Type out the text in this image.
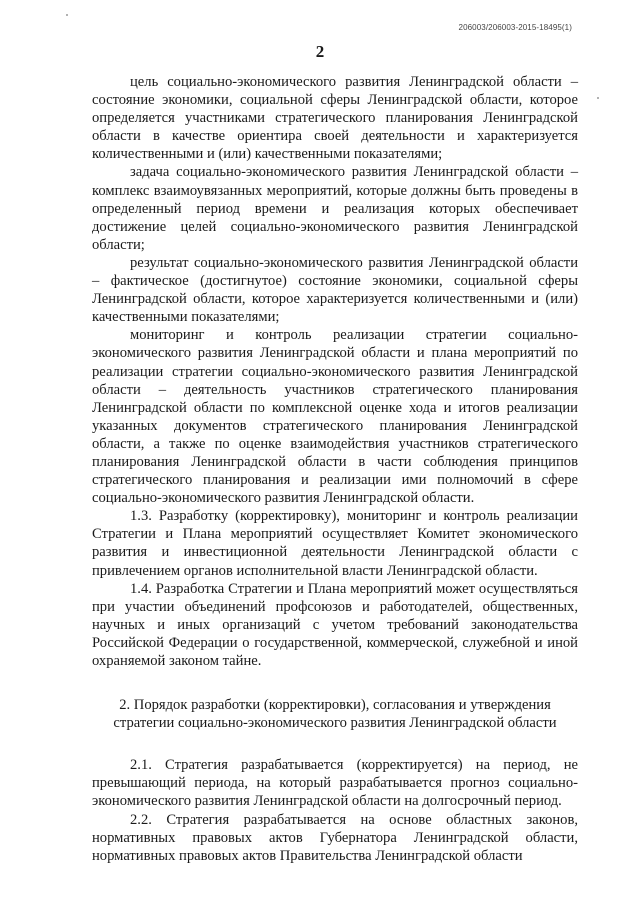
206003/206003-2015-18495(1)
2

цель социально-экономического развития Ленинградской области – состояние экономики, социальной сферы Ленинградской области, которое определяется участниками стратегического планирования Ленинградской области в качестве ориентира своей деятельности и характеризуется количественными и (или) качественными показателями;

задача социально-экономического развития Ленинградской области – комплекс взаимоувязанных мероприятий, которые должны быть проведены в определенный период времени и реализация которых обеспечивает достижение целей социально-экономического развития Ленинградской области;

результат социально-экономического развития Ленинградской области – фактическое (достигнутое) состояние экономики, социальной сферы Ленинградской области, которое характеризуется количественными и (или) качественными показателями;

мониторинг и контроль реализации стратегии социально-экономического развития Ленинградской области и плана мероприятий по реализации стратегии социально-экономического развития Ленинградской области – деятельность участников стратегического планирования Ленинградской области по комплексной оценке хода и итогов реализации указанных документов стратегического планирования Ленинградской области, а также по оценке взаимодействия участников стратегического планирования Ленинградской области в части соблюдения принципов стратегического планирования и реализации ими полномочий в сфере социально-экономического развития Ленинградской области.

1.3. Разработку (корректировку), мониторинг и контроль реализации Стратегии и Плана мероприятий осуществляет Комитет экономического развития и инвестиционной деятельности Ленинградской области с привлечением органов исполнительной власти Ленинградской области.

1.4. Разработка Стратегии и Плана мероприятий может осуществляться при участии объединений профсоюзов и работодателей, общественных, научных и иных организаций с учетом требований законодательства Российской Федерации о государственной, коммерческой, служебной и иной охраняемой законом тайне.

2. Порядок разработки (корректировки), согласования и утверждения стратегии социально-экономического развития Ленинградской области

2.1. Стратегия разрабатывается (корректируется) на период, не превышающий периода, на который разрабатывается прогноз социально-экономического развития Ленинградской области на долгосрочный период.

2.2. Стратегия разрабатывается на основе областных законов, нормативных правовых актов Губернатора Ленинградской области, нормативных правовых актов Правительства Ленинградской области
